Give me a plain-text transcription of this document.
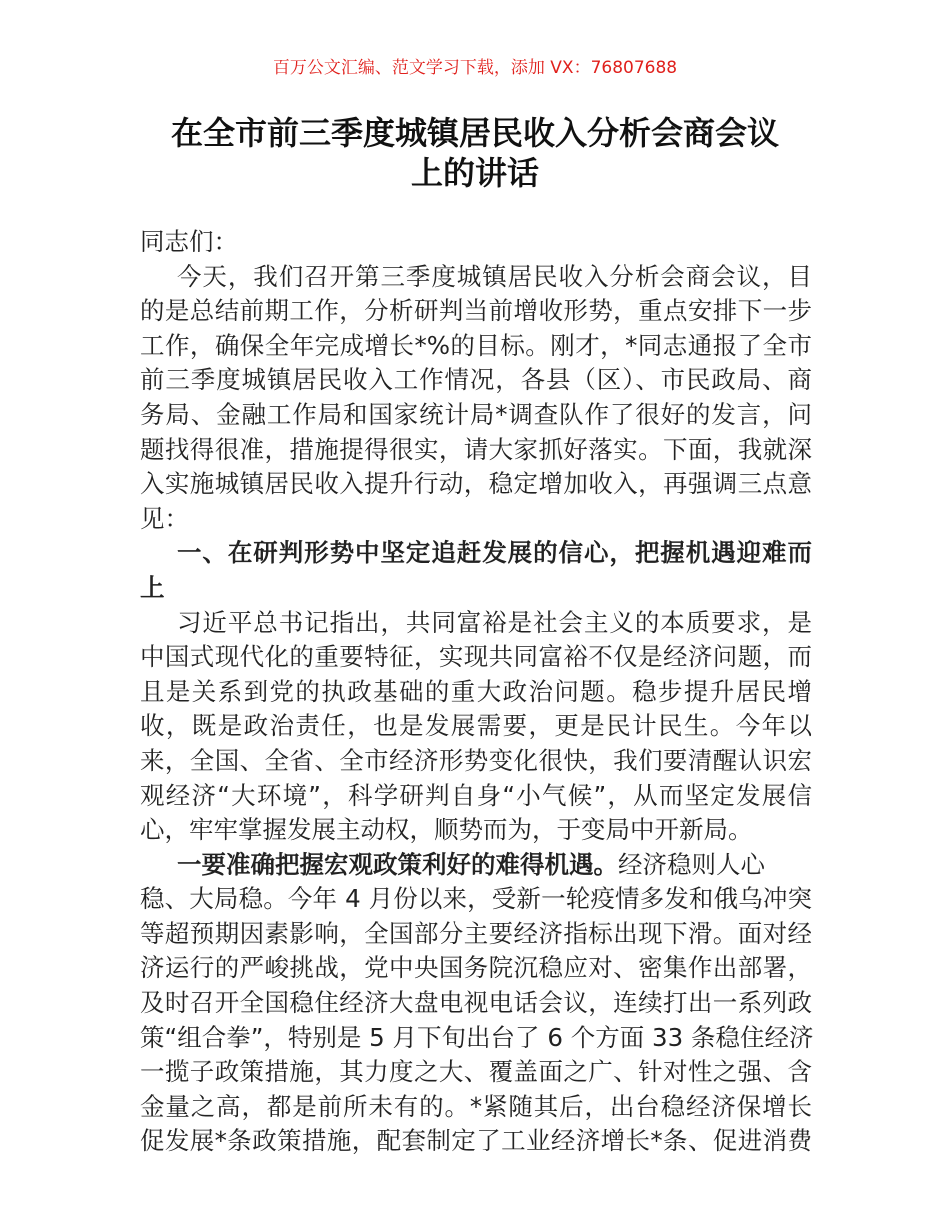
百万公文汇编、范文学习下载，添加 VX：76807688
在全市前三季度城镇居民收入分析会商会议
上的讲话
同志们：
今天，我们召开第三季度城镇居民收入分析会商会议，目
的是总结前期工作，分析研判当前增收形势，重点安排下一步
工作，确保全年完成增长*%的目标。刚才，*同志通报了全市
前三季度城镇居民收入工作情况，各县（区）、市民政局、商
务局、金融工作局和国家统计局*调查队作了很好的发言，问
题找得很准，措施提得很实，请大家抓好落实。下面，我就深
入实施城镇居民收入提升行动，稳定增加收入，再强调三点意
见：
一、在研判形势中坚定追赶发展的信心，把握机遇迎难而
上
习近平总书记指出，共同富裕是社会主义的本质要求，是
中国式现代化的重要特征，实现共同富裕不仅是经济问题，而
且是关系到党的执政基础的重大政治问题。稳步提升居民增
收，既是政治责任，也是发展需要，更是民计民生。今年以
来，全国、全省、全市经济形势变化很快，我们要清醒认识宏
观经济“大环境”，科学研判自身“小气候”，从而坚定发展信
心，牢牢掌握发展主动权，顺势而为，于变局中开新局。
一要准确把握宏观政策利好的难得机遇。经济稳则人心
稳、大局稳。今年 4 月份以来，受新一轮疫情多发和俄乌冲突
等超预期因素影响，全国部分主要经济指标出现下滑。面对经
济运行的严峻挑战，党中央国务院沉稳应对、密集作出部署，
及时召开全国稳住经济大盘电视电话会议，连续打出一系列政
策“组合拳”，特别是 5 月下旬出台了 6 个方面 33 条稳住经济
一揽子政策措施，其力度之大、覆盖面之广、针对性之强、含
金量之高，都是前所未有的。*紧随其后，出台稳经济保增长
促发展*条政策措施，配套制定了工业经济增长*条、促进消费
